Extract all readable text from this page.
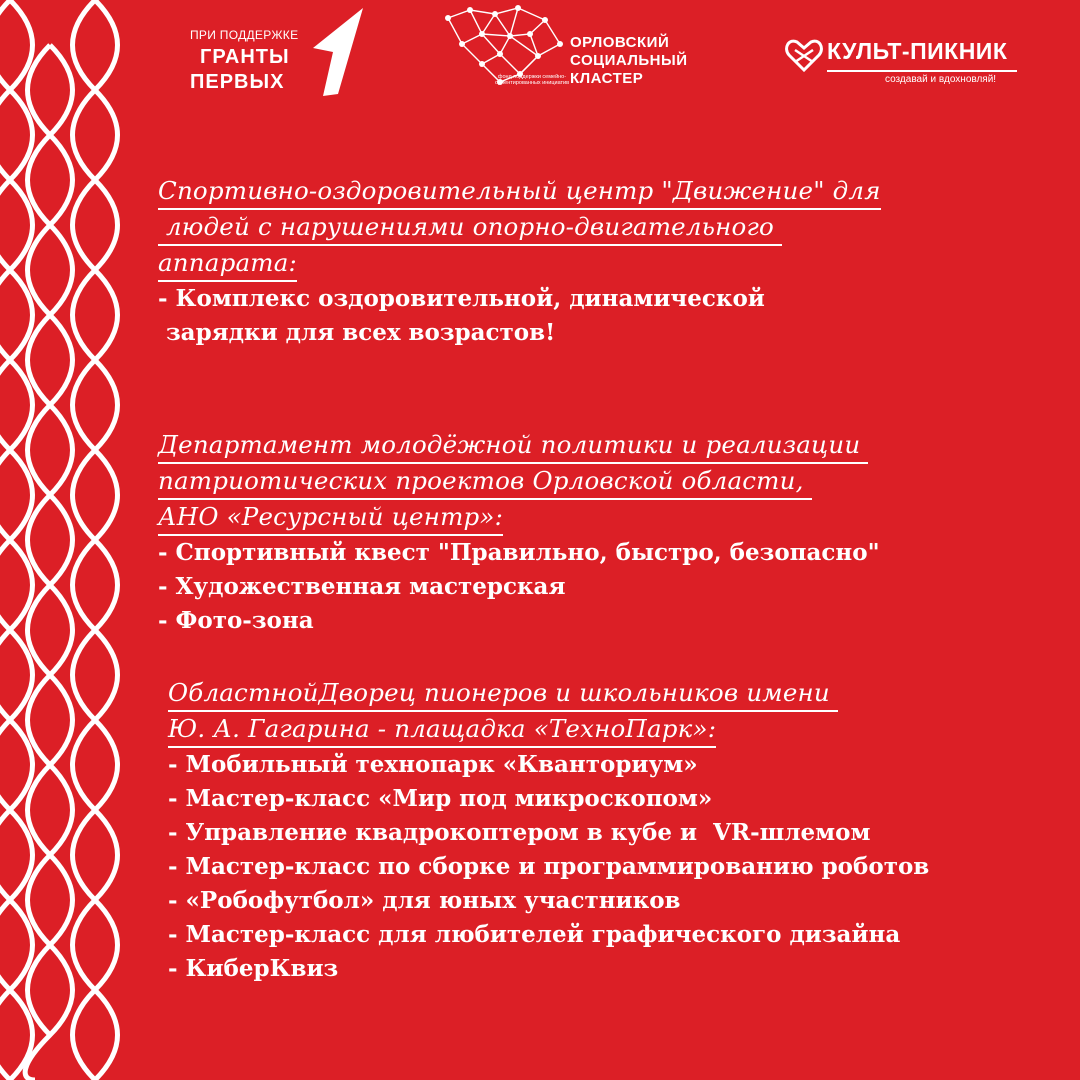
ПРИ ПОДДЕРЖКЕ
ГРАНТЫ
ПЕРВЫХ
ОРЛОВСКИЙ
СОЦИАЛЬНЫЙ
КЛАСТЕР
фонд поддержки семейно-ориентированных инициатив
КУЛЬТ-ПИКНИК
создавай и вдохновляй!
Спортивно-оздоровительный центр "Движение" для
людей с нарушениями опорно-двигательного
аппарата:
- Комплекс оздоровительной, динамической
зарядки для всех возрастов!
Департамент молодёжной политики и реализации
патриотических проектов Орловской области,
АНО «Ресурсный центр»:
- Спортивный квест "Правильно, быстро, безопасно"
- Художественная мастерская
- Фото-зона
ОбластнойДворец пионеров и школьников имени
Ю. А. Гагарина - плащадка «ТехноПарк»:
- Мобильный технопарк «Кванториум»
- Мастер-класс «Мир под микроскопом»
- Управление квадрокоптером в кубе и  VR-шлемом
- Мастер-класс по сборке и программированию роботов
- «Робофутбол» для юных участников
- Мастер-класс для любителей графического дизайна
- КиберКвиз
